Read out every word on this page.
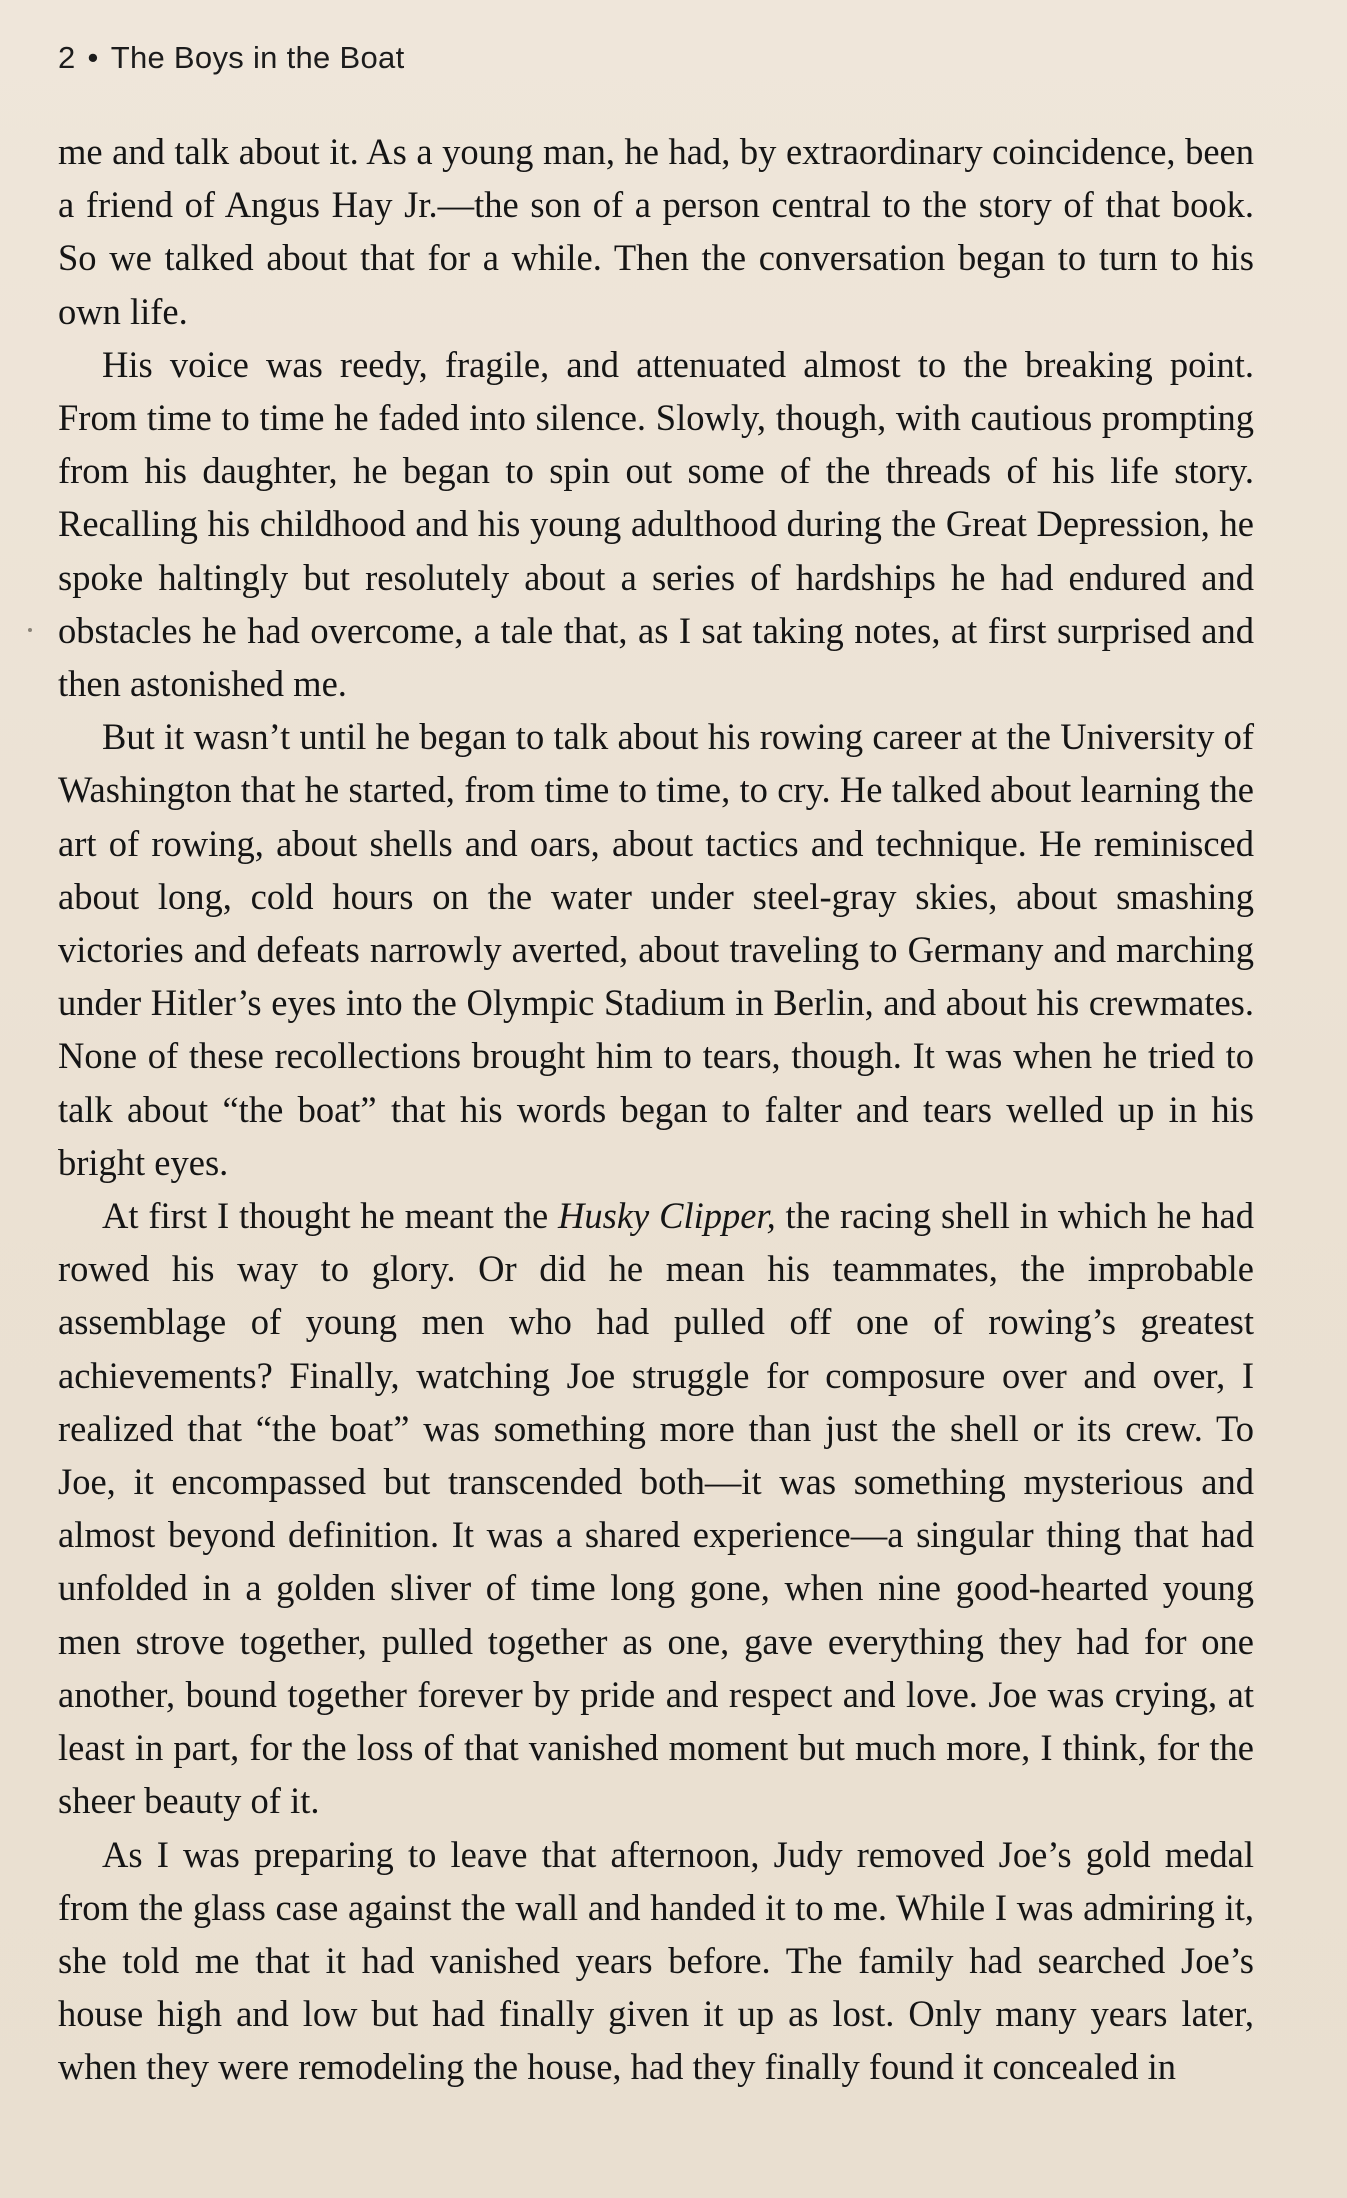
2 • The Boys in the Boat

me and talk about it. As a young man, he had, by extraordinary coincidence, been a friend of Angus Hay Jr.—the son of a person central to the story of that book. So we talked about that for a while. Then the conversation began to turn to his own life.

His voice was reedy, fragile, and attenuated almost to the breaking point. From time to time he faded into silence. Slowly, though, with cautious prompting from his daughter, he began to spin out some of the threads of his life story. Recalling his childhood and his young adulthood during the Great Depression, he spoke haltingly but resolutely about a series of hardships he had endured and obstacles he had overcome, a tale that, as I sat taking notes, at first surprised and then astonished me.

But it wasn’t until he began to talk about his rowing career at the University of Washington that he started, from time to time, to cry. He talked about learning the art of rowing, about shells and oars, about tactics and technique. He reminisced about long, cold hours on the water under steel-gray skies, about smashing victories and defeats narrowly averted, about traveling to Germany and marching under Hitler’s eyes into the Olympic Stadium in Berlin, and about his crewmates. None of these recollections brought him to tears, though. It was when he tried to talk about “the boat” that his words began to falter and tears welled up in his bright eyes.

At first I thought he meant the Husky Clipper, the racing shell in which he had rowed his way to glory. Or did he mean his teammates, the improbable assemblage of young men who had pulled off one of rowing’s greatest achievements? Finally, watching Joe struggle for composure over and over, I realized that “the boat” was something more than just the shell or its crew. To Joe, it encompassed but transcended both—it was something mysterious and almost beyond definition. It was a shared experience—a singular thing that had unfolded in a golden sliver of time long gone, when nine good-hearted young men strove together, pulled together as one, gave everything they had for one another, bound together forever by pride and respect and love. Joe was crying, at least in part, for the loss of that vanished moment but much more, I think, for the sheer beauty of it.

As I was preparing to leave that afternoon, Judy removed Joe’s gold medal from the glass case against the wall and handed it to me. While I was admiring it, she told me that it had vanished years before. The family had searched Joe’s house high and low but had finally given it up as lost. Only many years later, when they were remodeling the house, had they finally found it concealed in
